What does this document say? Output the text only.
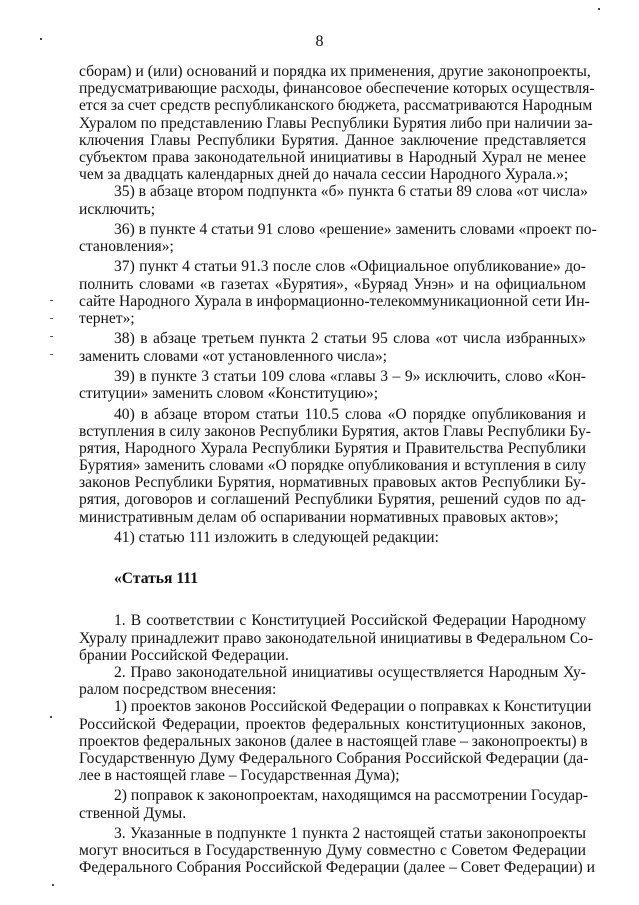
8
сборам) и (или) оснований и порядка их применения, другие законопроекты,
предусматривающие расходы, финансовое обеспечение которых осуществля-
ется за счет средств республиканского бюджета, рассматриваются Народным
Хуралом по представлению Главы Республики Бурятия либо при наличии за-
ключения Главы Республики Бурятия. Данное заключение представляется
субъектом права законодательной инициативы в Народный Хурал не менее
чем за двадцать календарных дней до начала сессии Народного Хурала.»;
35) в абзаце втором подпункта «б» пункта 6 статьи 89 слова «от числа»
исключить;
36) в пункте 4 статьи 91 слово «решение» заменить словами «проект по-
становления»;
37) пункт 4 статьи 91.3 после слов «Официальное опубликование» до-
полнить словами «в газетах «Бурятия», «Буряад Унэн» и на официальном
сайте Народного Хурала в информационно-телекоммуникационной сети Ин-
тернет»;
38) в абзаце третьем пункта 2 статьи 95 слова «от числа избранных»
заменить словами «от установленного числа»;
39) в пункте 3 статьи 109 слова «главы 3 – 9» исключить, слово «Кон-
ституции» заменить словом «Конституцию»;
40) в абзаце втором статьи 110.5 слова «О порядке опубликования и
вступления в силу законов Республики Бурятия, актов Главы Республики Бу-
рятия, Народного Хурала Республики Бурятия и Правительства Республики
Бурятия» заменить словами «О порядке опубликования и вступления в силу
законов Республики Бурятия, нормативных правовых актов Республики Бу-
рятия, договоров и соглашений Республики Бурятия, решений судов по ад-
министративным делам об оспаривании нормативных правовых актов»;
41) статью 111 изложить в следующей редакции:
«Статья 111
1. В соответствии с Конституцией Российской Федерации Народному
Хуралу принадлежит право законодательной инициативы в Федеральном Со-
брании Российской Федерации.
2. Право законодательной инициативы осуществляется Народным Ху-
ралом посредством внесения:
1) проектов законов Российской Федерации о поправках к Конституции
Российской Федерации, проектов федеральных конституционных законов,
проектов федеральных законов (далее в настоящей главе – законопроекты) в
Государственную Думу Федерального Собрания Российской Федерации (да-
лее в настоящей главе – Государственная Дума);
2) поправок к законопроектам, находящимся на рассмотрении Государ-
ственной Думы.
3. Указанные в подпункте 1 пункта 2 настоящей статьи законопроекты
могут вноситься в Государственную Думу совместно с Советом Федерации
Федерального Собрания Российской Федерации (далее – Совет Федерации) и
